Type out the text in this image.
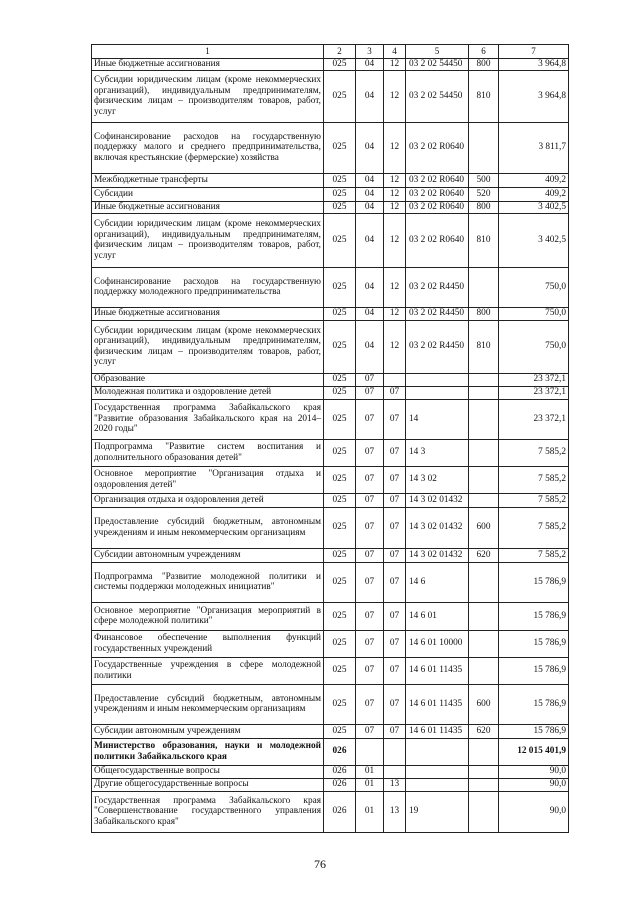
1	2	3	4	5	6	7
Иные бюджетные ассигнования	025	04	12	03 2 02 54450	800	3 964,8
Субсидии юридическим лицам (кроме некоммерческих организаций), индивидуальным предпринимателям, физическим лицам – производителям товаров, работ, услуг	025	04	12	03 2 02 54450	810	3 964,8
Софинансирование расходов на государственную поддержку малого и среднего предпринимательства, включая крестьянские (фермерские) хозяйства	025	04	12	03 2 02 R0640		3 811,7
Межбюджетные трансферты	025	04	12	03 2 02 R0640	500	409,2
Субсидии	025	04	12	03 2 02 R0640	520	409,2
Иные бюджетные ассигнования	025	04	12	03 2 02 R0640	800	3 402,5
Субсидии юридическим лицам (кроме некоммерческих организаций), индивидуальным предпринимателям, физическим лицам – производителям товаров, работ, услуг	025	04	12	03 2 02 R0640	810	3 402,5
Софинансирование расходов на государственную поддержку молодежного предпринимательства	025	04	12	03 2 02 R4450		750,0
Иные бюджетные ассигнования	025	04	12	03 2 02 R4450	800	750,0
Субсидии юридическим лицам (кроме некоммерческих организаций), индивидуальным предпринимателям, физическим лицам – производителям товаров, работ, услуг	025	04	12	03 2 02 R4450	810	750,0
Образование	025	07				23 372,1
Молодежная политика и оздоровление детей	025	07	07			23 372,1
Государственная программа Забайкальского края "Развитие образования Забайкальского края на 2014–2020 годы"	025	07	07	14		23 372,1
Подпрограмма "Развитие систем воспитания и дополнительного образования детей"	025	07	07	14 3		7 585,2
Основное мероприятие "Организация отдыха и оздоровления детей"	025	07	07	14 3 02		7 585,2
Организация отдыха и оздоровления детей	025	07	07	14 3 02 01432		7 585,2
Предоставление субсидий бюджетным, автономным учреждениям и иным некоммерческим организациям	025	07	07	14 3 02 01432	600	7 585,2
Субсидии автономным учреждениям	025	07	07	14 3 02 01432	620	7 585,2
Подпрограмма "Развитие молодежной политики и системы поддержки молодежных инициатив"	025	07	07	14 6		15 786,9
Основное мероприятие "Организация мероприятий в сфере молодежной политики"	025	07	07	14 6 01		15 786,9
Финансовое обеспечение выполнения функций государственных учреждений	025	07	07	14 6 01 10000		15 786,9
Государственные учреждения в сфере молодежной политики	025	07	07	14 6 01 11435		15 786,9
Предоставление субсидий бюджетным, автономным учреждениям и иным некоммерческим организациям	025	07	07	14 6 01 11435	600	15 786,9
Субсидии автономным учреждениям	025	07	07	14 6 01 11435	620	15 786,9
Министерство образования, науки и молодежной политики Забайкальского края	026					12 015 401,9
Общегосударственные вопросы	026	01				90,0
Другие общегосударственные вопросы	026	01	13			90,0
Государственная программа Забайкальского края "Совершенствование государственного управления Забайкальского края"	026	01	13	19		90,0
76
